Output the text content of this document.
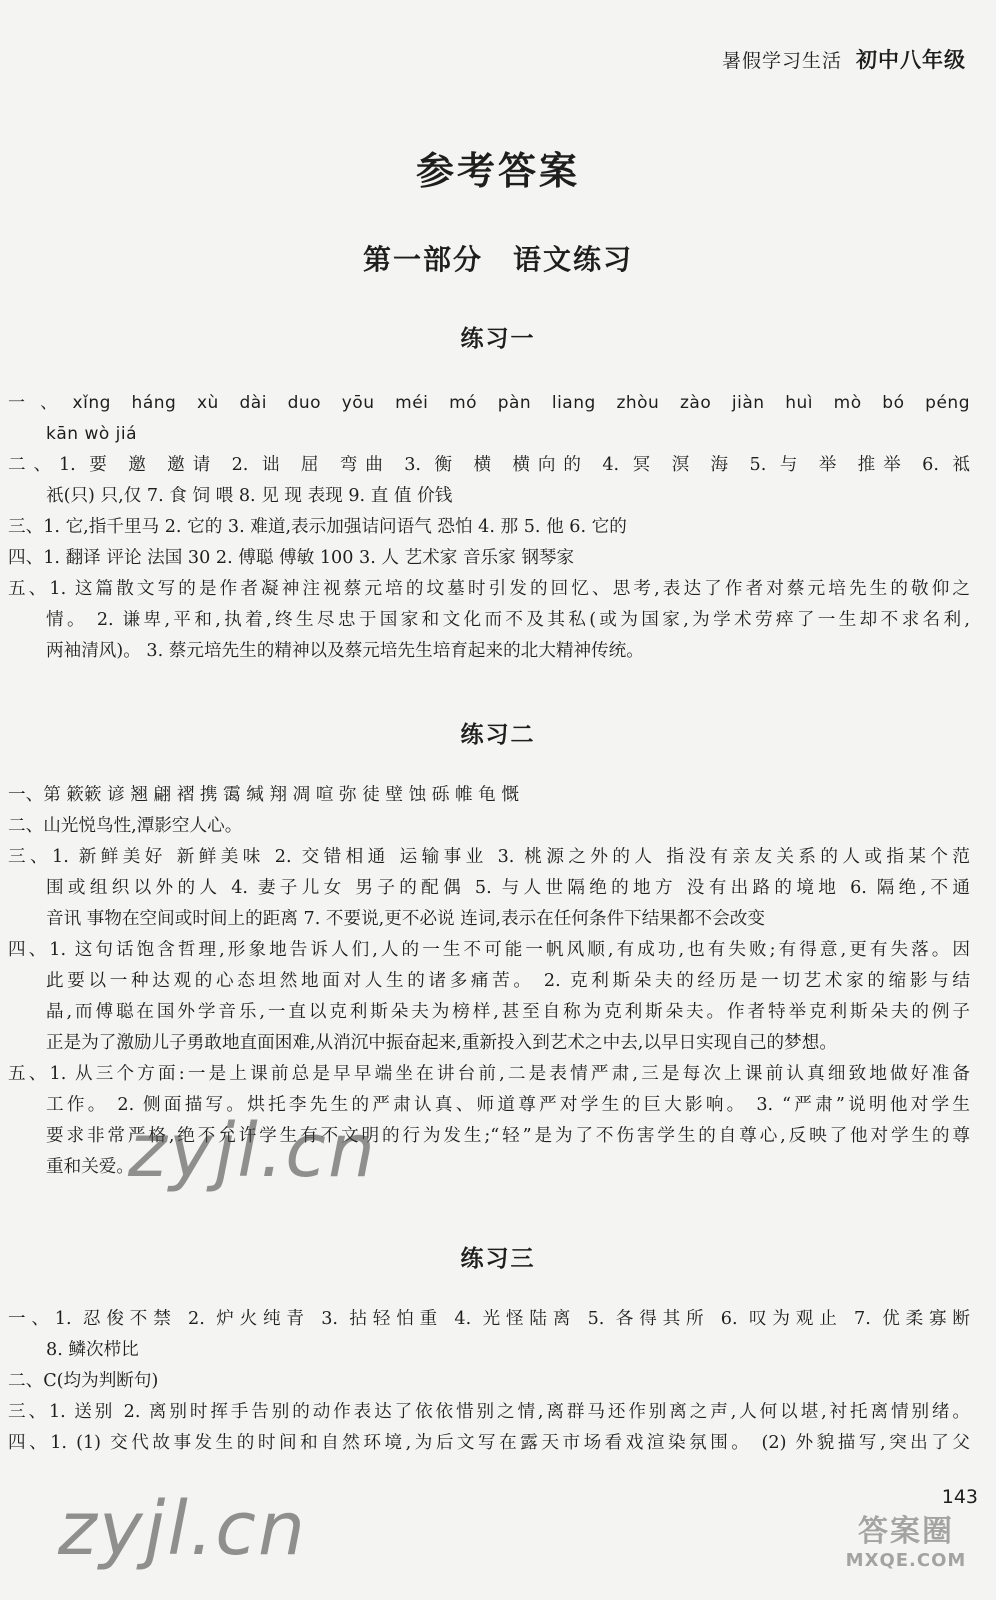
暑假学习生活 初中八年级
参考答案
第一部分　语文练习
练习一
一、xǐng háng xù dài duo yōu méi mó pàn liang zhòu zào jiàn huì mò bó péng
kān wò jiá
二、1. 要 邀 邀请 2. 诎 屈 弯曲 3. 衡 横 横向的 4. 冥 溟 海 5. 与 举 推举 6. 祗
祇(只) 只,仅 7. 食 饲 喂 8. 见 现 表现 9. 直 值 价钱
三、1. 它,指千里马 2. 它的 3. 难道,表示加强诘问语气 恐怕 4. 那 5. 他 6. 它的
四、1. 翻译 评论 法国 30 2. 傅聪 傅敏 100 3. 人 艺术家 音乐家 钢琴家
五、1. 这篇散文写的是作者凝神注视蔡元培的坟墓时引发的回忆、思考,表达了作者对蔡元培先生的敬仰之
情。 2. 谦卑,平和,执着,终生尽忠于国家和文化而不及其私(或为国家,为学术劳瘁了一生却不求名利,
两袖清风)。 3. 蔡元培先生的精神以及蔡元培先生培育起来的北大精神传统。
练习二
一、第 簌簌 谚 翘 翩 褶 携 霭 缄 翔 凋 喧 弥 徒 壁 蚀 砾 帷 龟 慨
二、山光悦鸟性,潭影空人心。
三、1. 新鲜美好 新鲜美味 2. 交错相通 运输事业 3. 桃源之外的人 指没有亲友关系的人或指某个范
围或组织以外的人 4. 妻子儿女 男子的配偶 5. 与人世隔绝的地方 没有出路的境地 6. 隔绝,不通
音讯 事物在空间或时间上的距离 7. 不要说,更不必说 连词,表示在任何条件下结果都不会改变
四、1. 这句话饱含哲理,形象地告诉人们,人的一生不可能一帆风顺,有成功,也有失败;有得意,更有失落。因
此要以一种达观的心态坦然地面对人生的诸多痛苦。 2. 克利斯朵夫的经历是一切艺术家的缩影与结
晶,而傅聪在国外学音乐,一直以克利斯朵夫为榜样,甚至自称为克利斯朵夫。作者特举克利斯朵夫的例子
正是为了激励儿子勇敢地直面困难,从消沉中振奋起来,重新投入到艺术之中去,以早日实现自己的梦想。
五、1. 从三个方面:一是上课前总是早早端坐在讲台前,二是表情严肃,三是每次上课前认真细致地做好准备
工作。 2. 侧面描写。烘托李先生的严肃认真、师道尊严对学生的巨大影响。 3. “严肃”说明他对学生
要求非常严格,绝不允许学生有不文明的行为发生;“轻”是为了不伤害学生的自尊心,反映了他对学生的尊
重和关爱。
练习三
一、1. 忍俊不禁 2. 炉火纯青 3. 拈轻怕重 4. 光怪陆离 5. 各得其所 6. 叹为观止 7. 优柔寡断
8. 鳞次栉比
二、C(均为判断句)
三、1. 送别 2. 离别时挥手告别的动作表达了依依惜别之情,离群马还作别离之声,人何以堪,衬托离情别绪。
四、1. (1) 交代故事发生的时间和自然环境,为后文写在露天市场看戏渲染氛围。 (2) 外貌描写,突出了父
143
zyjl.cn
zyjl.cn	答案圈
MXQE.COM
